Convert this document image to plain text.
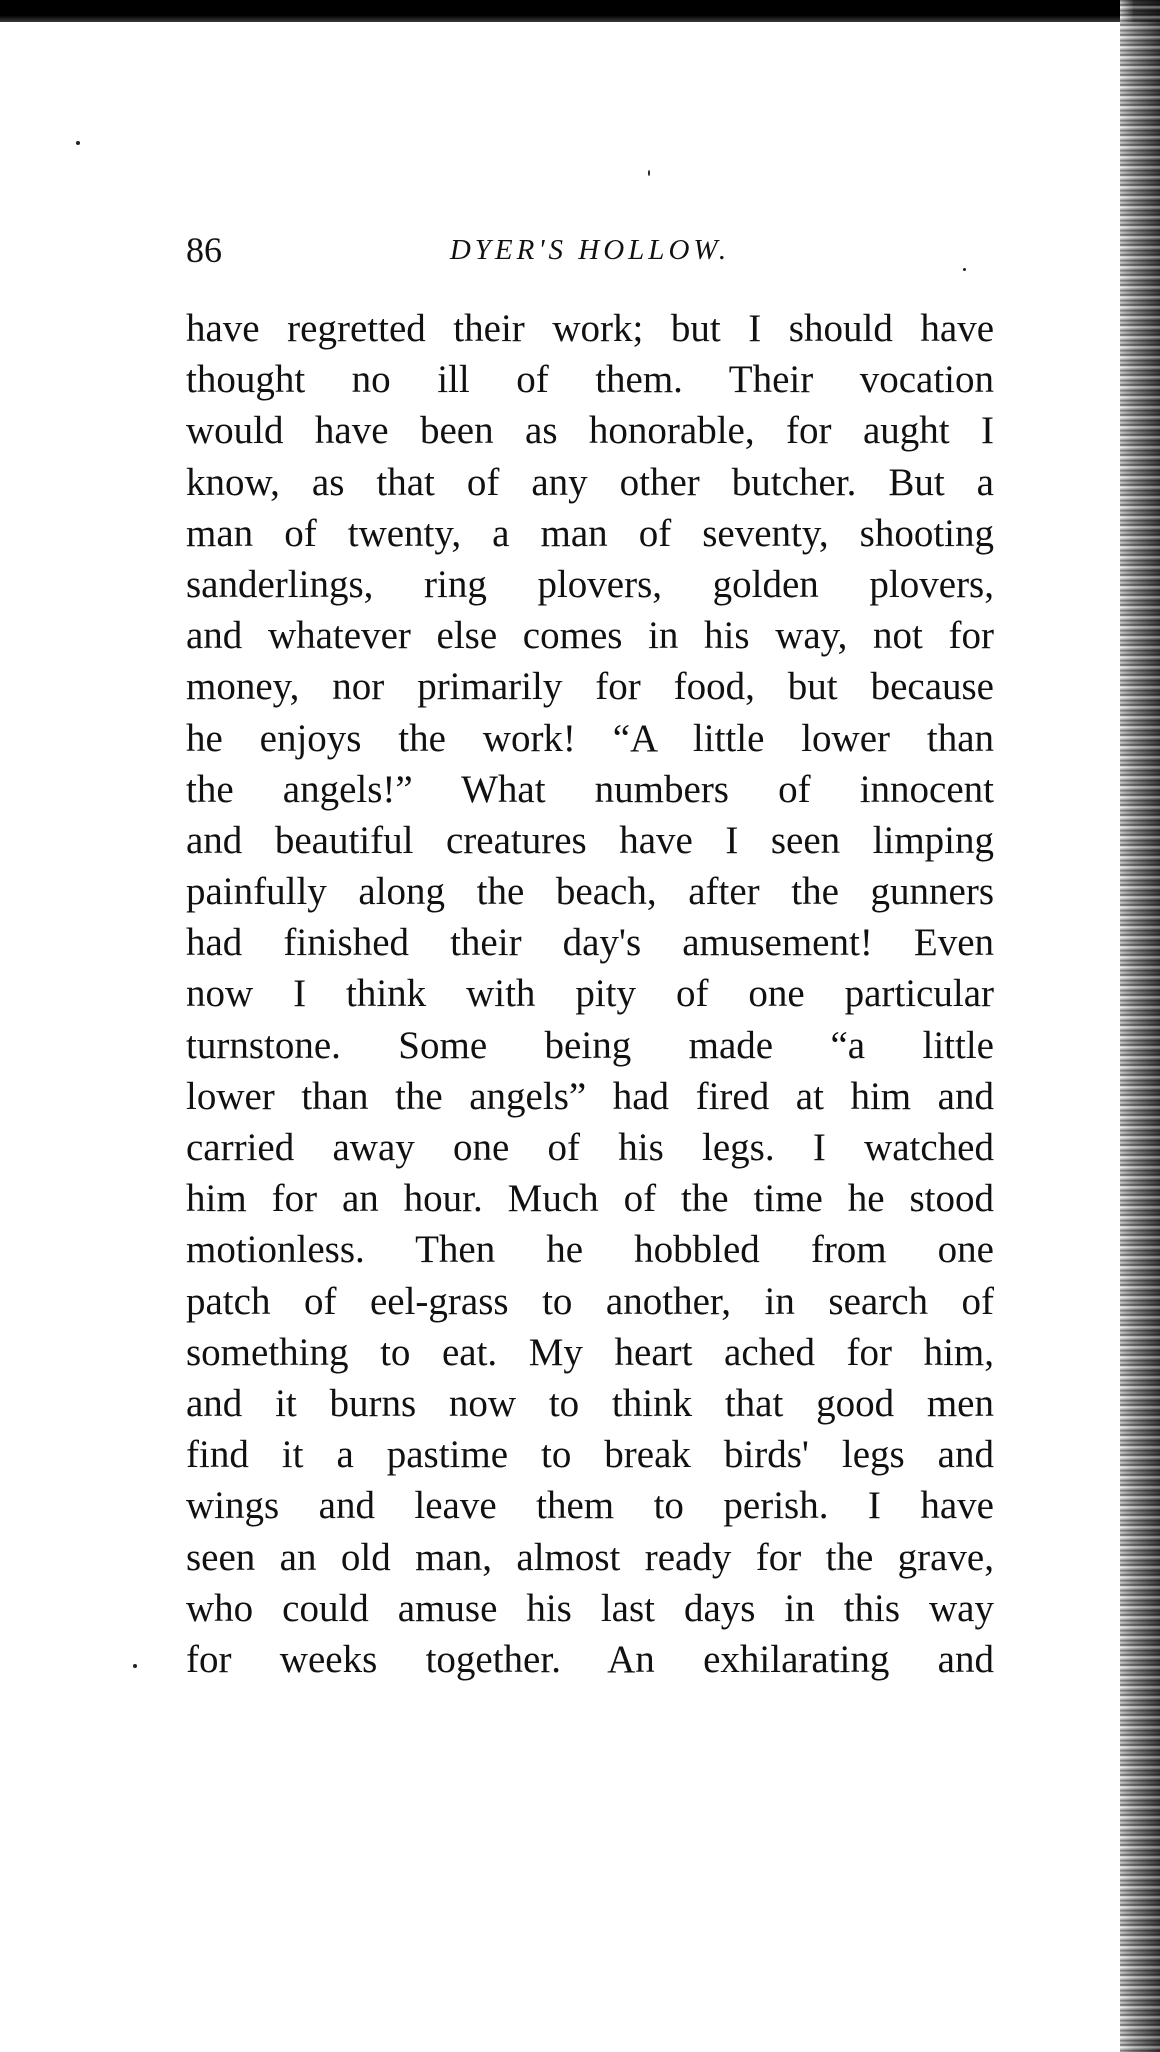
86	DYER'S HOLLOW.
have regretted their work; but I should have
thought no ill of them. Their vocation
would have been as honorable, for aught I
know, as that of any other butcher. But a
man of twenty, a man of seventy, shooting
sanderlings, ring plovers, golden plovers,
and whatever else comes in his way, not for
money, nor primarily for food, but because
he enjoys the work! “A little lower than
the angels!” What numbers of innocent
and beautiful creatures have I seen limping
painfully along the beach, after the gunners
had finished their day's amusement! Even
now I think with pity of one particular
turnstone. Some being made “a little
lower than the angels” had fired at him and
carried away one of his legs. I watched
him for an hour. Much of the time he stood
motionless. Then he hobbled from one
patch of eel-grass to another, in search of
something to eat. My heart ached for him,
and it burns now to think that good men
find it a pastime to break birds' legs and
wings and leave them to perish. I have
seen an old man, almost ready for the grave,
who could amuse his last days in this way
for weeks together. An exhilarating and
